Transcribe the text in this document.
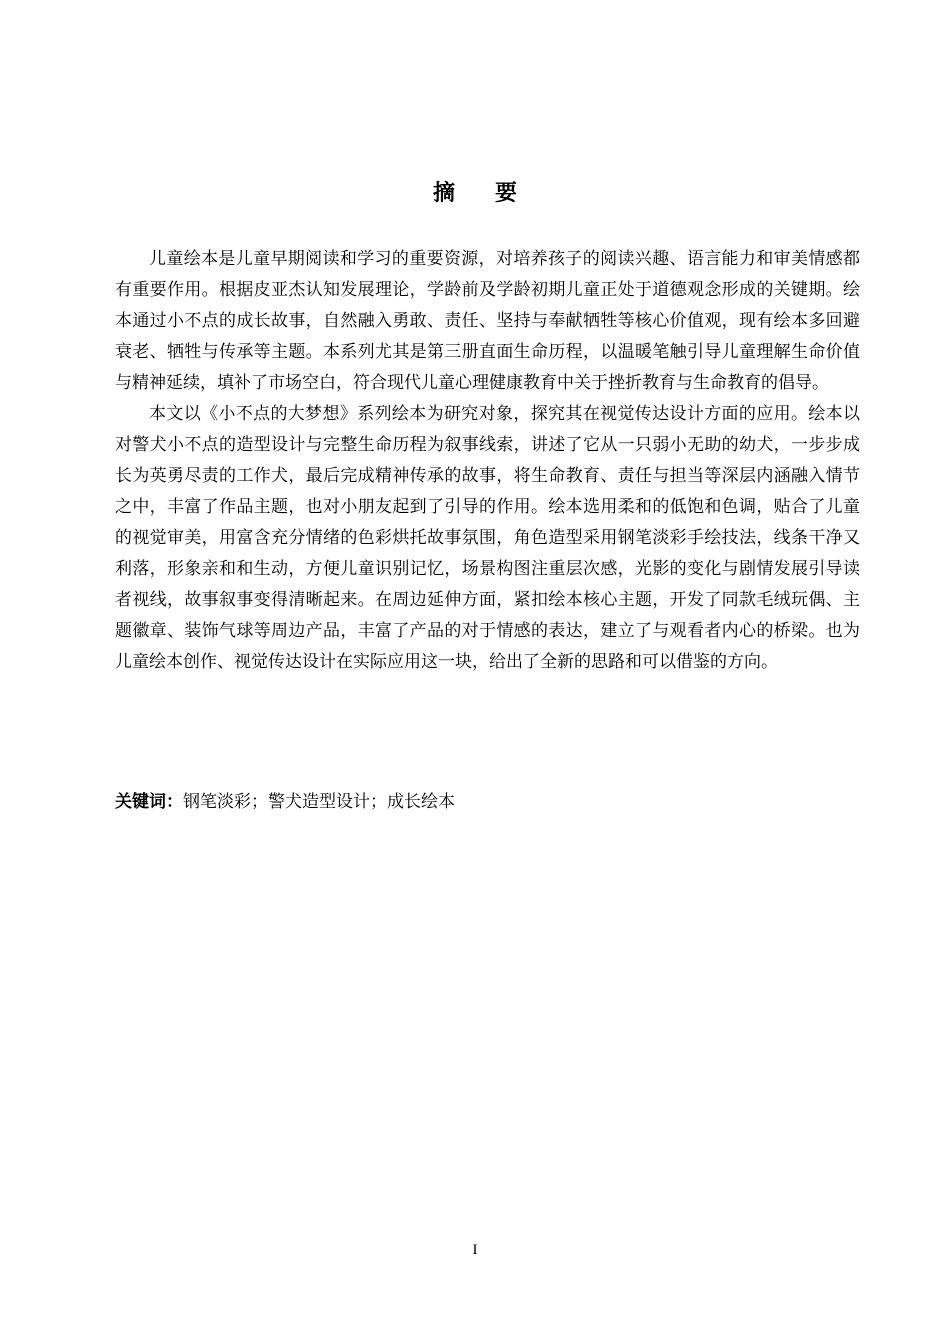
摘要

儿童绘本是儿童早期阅读和学习的重要资源，对培养孩子的阅读兴趣、语言能力和审美情感都有重要作用。根据皮亚杰认知发展理论，学龄前及学龄初期儿童正处于道德观念形成的关键期。绘本通过小不点的成长故事，自然融入勇敢、责任、坚持与奉献牺牲等核心价值观，现有绘本多回避衰老、牺牲与传承等主题。本系列尤其是第三册直面生命历程，以温暖笔触引导儿童理解生命价值与精神延续，填补了市场空白，符合现代儿童心理健康教育中关于挫折教育与生命教育的倡导。

本文以《小不点的大梦想》系列绘本为研究对象，探究其在视觉传达设计方面的应用。绘本以对警犬小不点的造型设计与完整生命历程为叙事线索，讲述了它从一只弱小无助的幼犬，一步步成长为英勇尽责的工作犬，最后完成精神传承的故事，将生命教育、责任与担当等深层内涵融入情节之中，丰富了作品主题，也对小朋友起到了引导的作用。绘本选用柔和的低饱和色调，贴合了儿童的视觉审美，用富含充分情绪的色彩烘托故事氛围，角色造型采用钢笔淡彩手绘技法，线条干净又利落，形象亲和和生动，方便儿童识别记忆，场景构图注重层次感，光影的变化与剧情发展引导读者视线，故事叙事变得清晰起来。在周边延伸方面，紧扣绘本核心主题，开发了同款毛绒玩偶、主题徽章、装饰气球等周边产品，丰富了产品的对于情感的表达，建立了与观看者内心的桥梁。也为儿童绘本创作、视觉传达设计在实际应用这一块，给出了全新的思路和可以借鉴的方向。

关键词：钢笔淡彩；警犬造型设计；成长绘本

I
